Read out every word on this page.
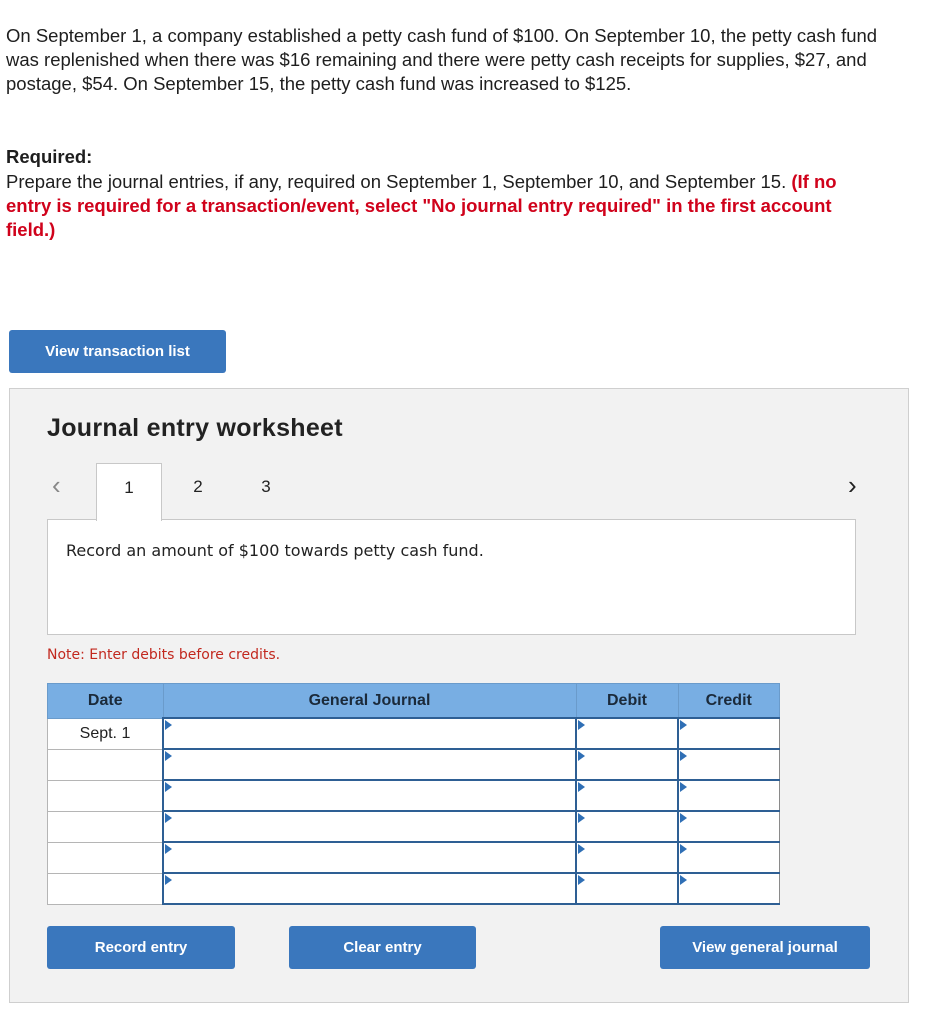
On September 1, a company established a petty cash fund of $100. On September 10, the petty cash fund was replenished when there was $16 remaining and there were petty cash receipts for supplies, $27, and postage, $54. On September 15, the petty cash fund was increased to $125.

Required:
Prepare the journal entries, if any, required on September 1, September 10, and September 15. (If no entry is required for a transaction/event, select "No journal entry required" in the first account field.)
View transaction list
Journal entry worksheet
‹	›
1	2	3
Record an amount of $100 towards petty cash fund.
Note: Enter debits before credits.
Date	General Journal	Debit	Credit
Sept. 1	

Record entry	Clear entry	View general journal
